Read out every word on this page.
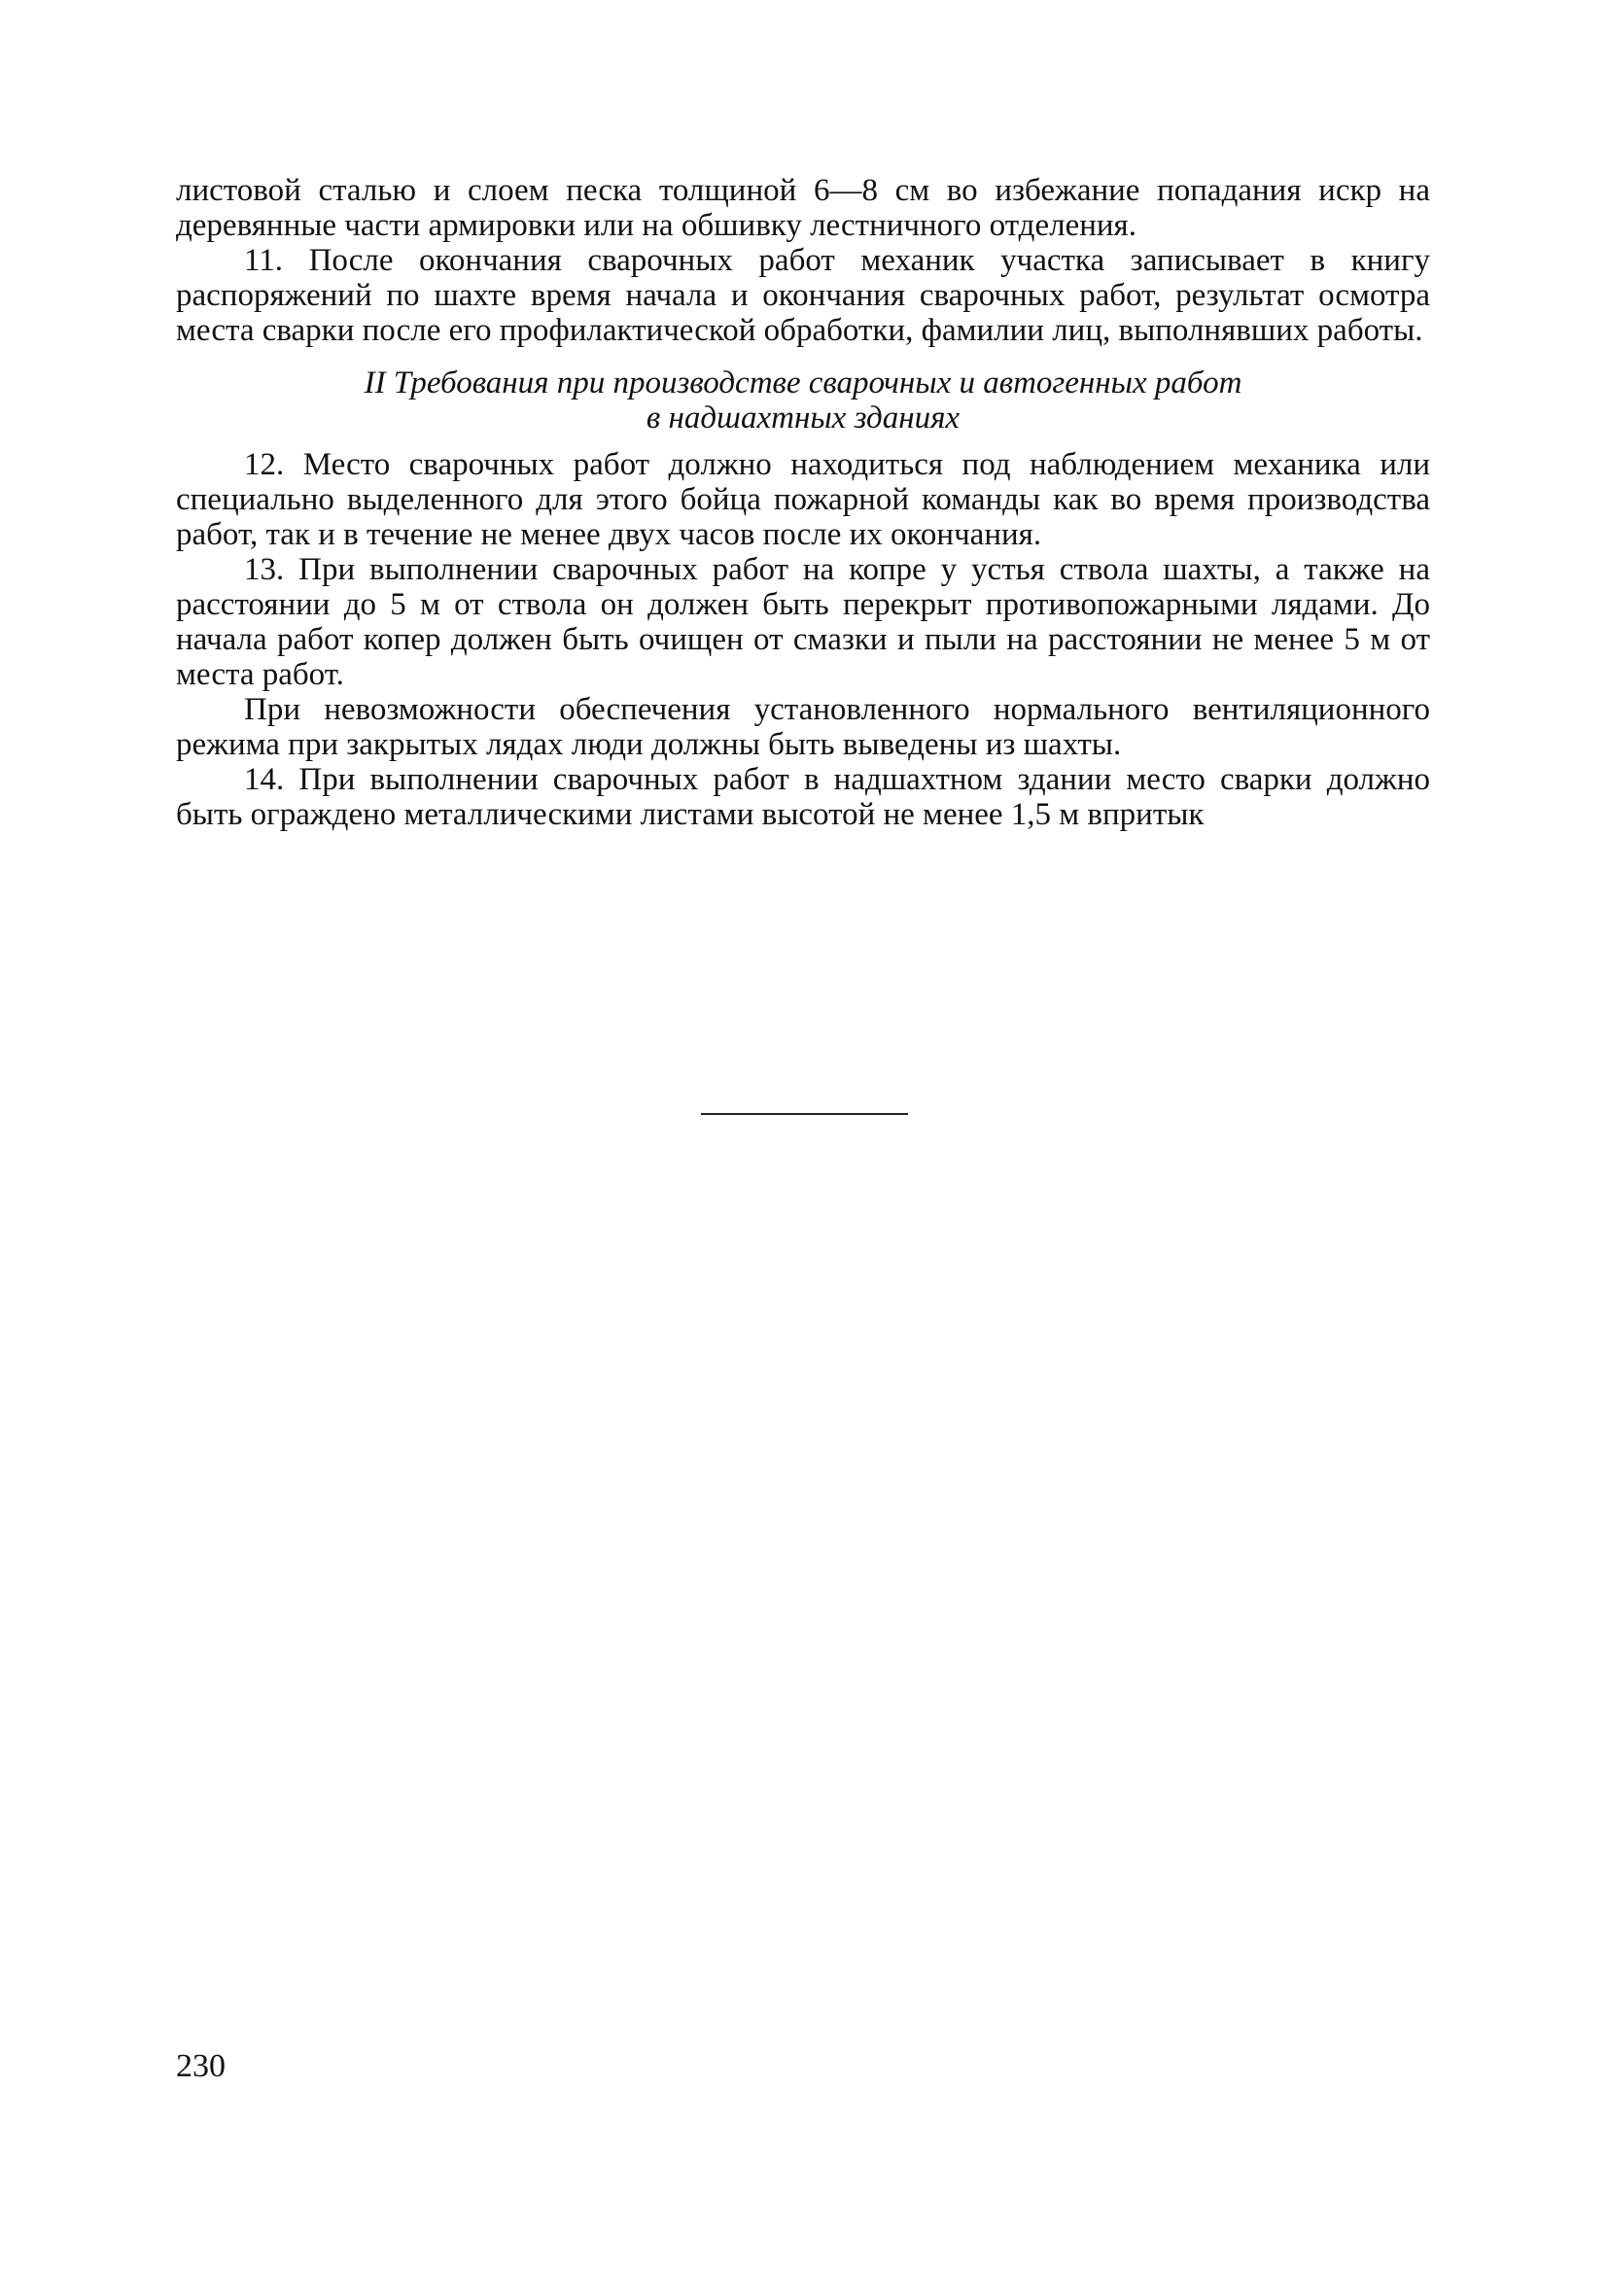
листовой сталью и слоем песка толщиной 6—8 см во избежание попадания искр на деревянные части армировки или на обшивку лестничного отделения.

11. После окончания сварочных работ механик участка записывает в книгу распоряжений по шахте время начала и окончания сварочных работ, результат осмотра места сварки после его профилактической обработки, фамилии лиц, выполнявших работы.

II Требования при производстве сварочных и автогенных работ
в надшахтных зданиях

12. Место сварочных работ должно находиться под наблюдением механика или специально выделенного для этого бойца пожарной команды как во время производства работ, так и в течение не менее двух часов после их окончания.

13. При выполнении сварочных работ на копре у устья ствола шахты, а также на расстоянии до 5 м от ствола он должен быть перекрыт противопожарными лядами. До начала работ копер должен быть очищен от смазки и пыли на расстоянии не менее 5 м от места работ.

При невозможности обеспечения установленного нормального вентиляционного режима при закрытых лядах люди должны быть выведены из шахты.

14. При выполнении сварочных работ в надшахтном здании место сварки должно быть ограждено металлическими листами высотой не менее 1,5 м впритык

230
